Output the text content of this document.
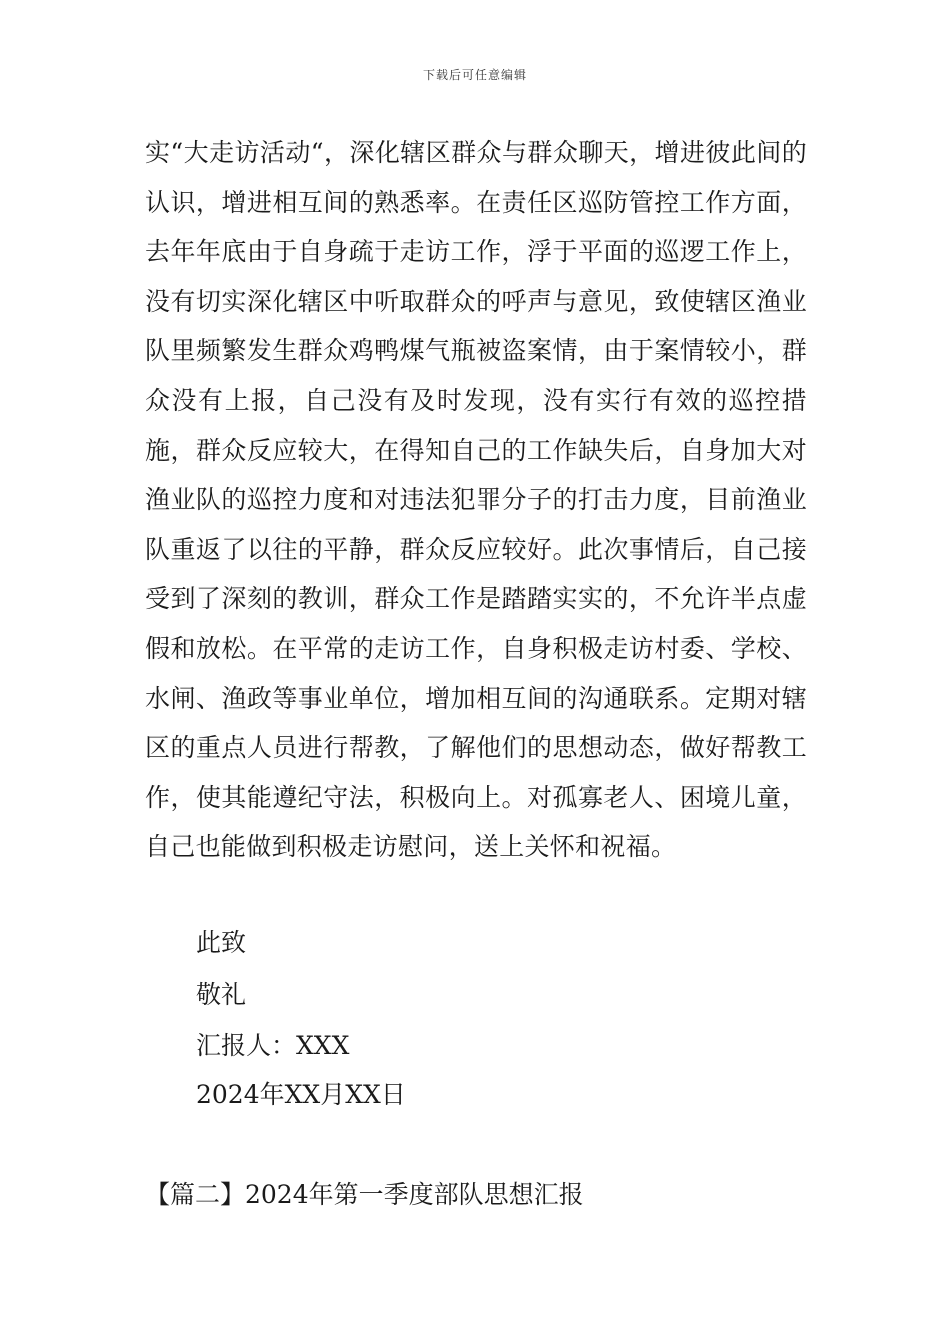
下载后可任意编辑

实“大走访活动“，深化辖区群众与群众聊天，增进彼此间的认识，增进相互间的熟悉率。在责任区巡防管控工作方面，去年年底由于自身疏于走访工作，浮于平面的巡逻工作上，没有切实深化辖区中听取群众的呼声与意见，致使辖区渔业队里频繁发生群众鸡鸭煤气瓶被盗案情，由于案情较小，群众没有上报，自己没有及时发现，没有实行有效的巡控措施，群众反应较大，在得知自己的工作缺失后，自身加大对渔业队的巡控力度和对违法犯罪分子的打击力度，目前渔业队重返了以往的平静，群众反应较好。此次事情后，自己接受到了深刻的教训，群众工作是踏踏实实的，不允许半点虚假和放松。在平常的走访工作，自身积极走访村委、学校、水闸、渔政等事业单位，增加相互间的沟通联系。定期对辖区的重点人员进行帮教，了解他们的思想动态，做好帮教工作，使其能遵纪守法，积极向上。对孤寡老人、困境儿童，自己也能做到积极走访慰问，送上关怀和祝福。

此致
敬礼
汇报人：XXX
2024年XX月XX日
【篇二】2024年第一季度部队思想汇报
